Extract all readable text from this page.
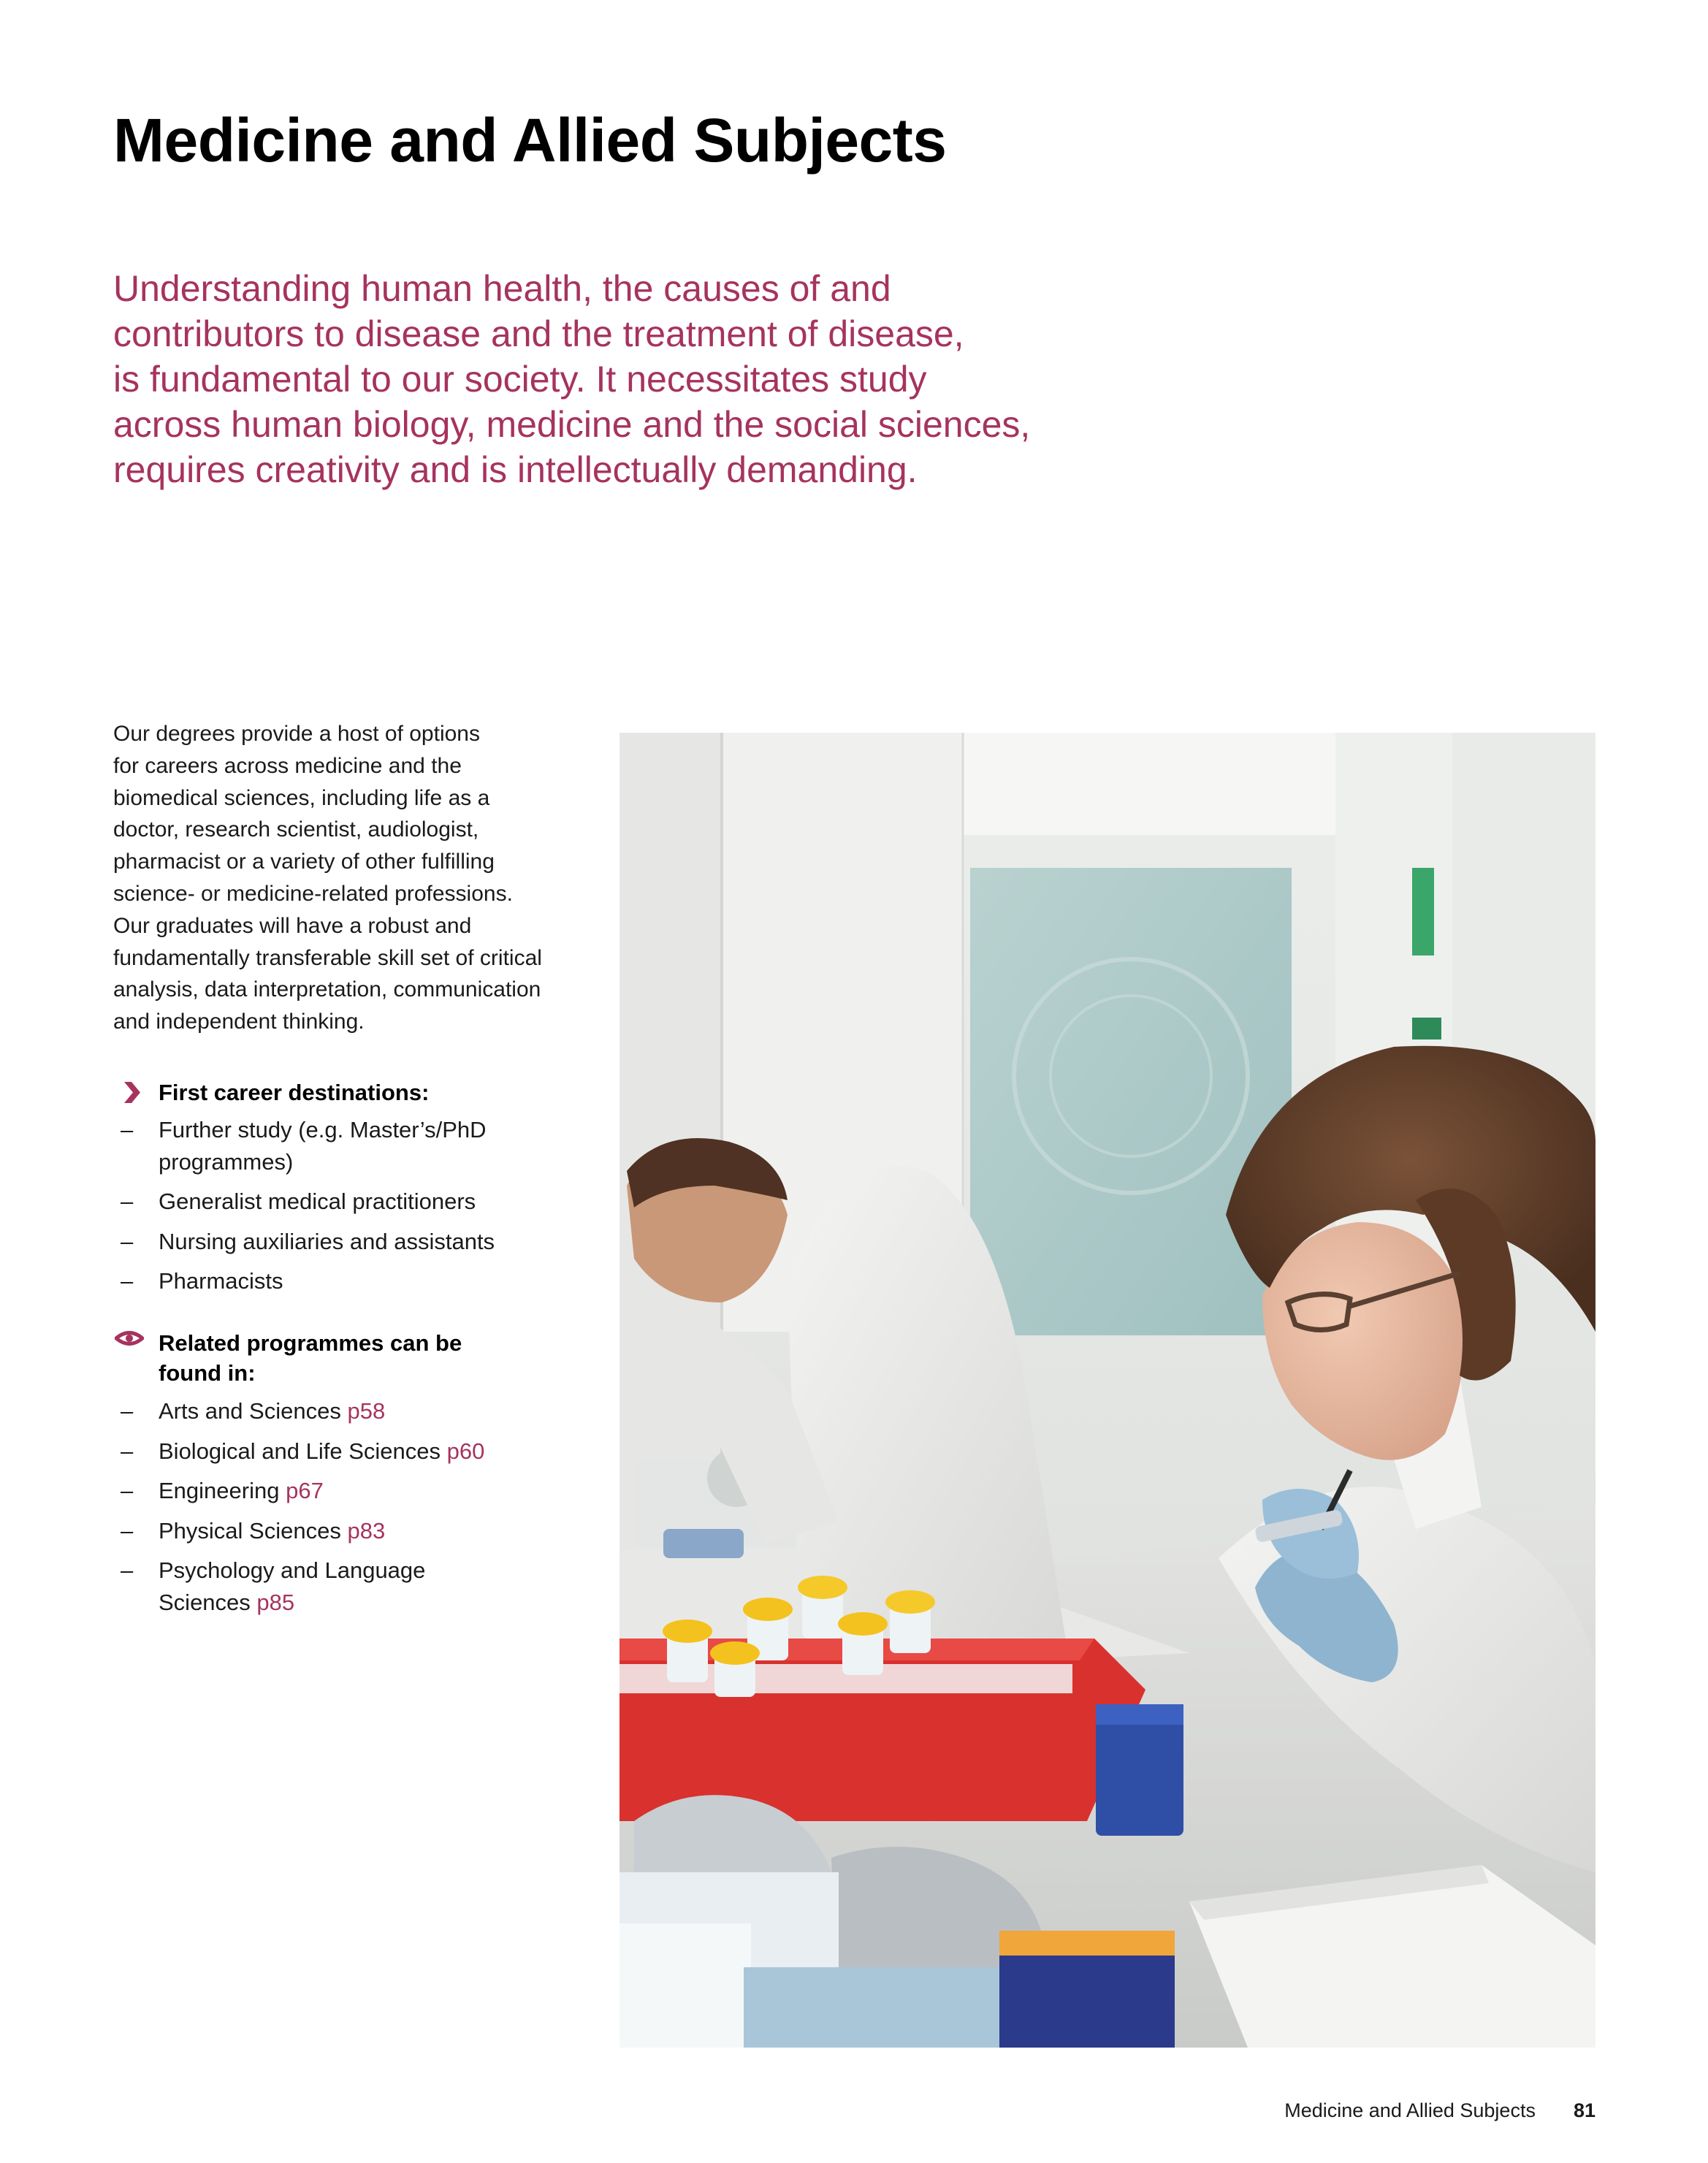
Medicine and Allied Subjects

Understanding human health, the causes of and
contributors to disease and the treatment of disease,
is fundamental to our society. It necessitates study
across human biology, medicine and the social sciences,
requires creativity and is intellectually demanding.

Our degrees provide a host of options
for careers across medicine and the
biomedical sciences, including life as a
doctor, research scientist, audiologist,
pharmacist or a variety of other fulfilling
science- or medicine-related professions.
Our graduates will have a robust and
fundamentally transferable skill set of critical
analysis, data interpretation, communication
and independent thinking.

First career destinations:
– Further study (e.g. Master’s/PhD
programmes)
– Generalist medical practitioners
– Nursing auxiliaries and assistants
– Pharmacists
Related programmes can be
found in:
– Arts and Sciences p58
– Biological and Life Sciences p60
– Engineering p67
– Physical Sciences p83
– Psychology and Language
Sciences p85
Medicine and Allied Subjects 81
